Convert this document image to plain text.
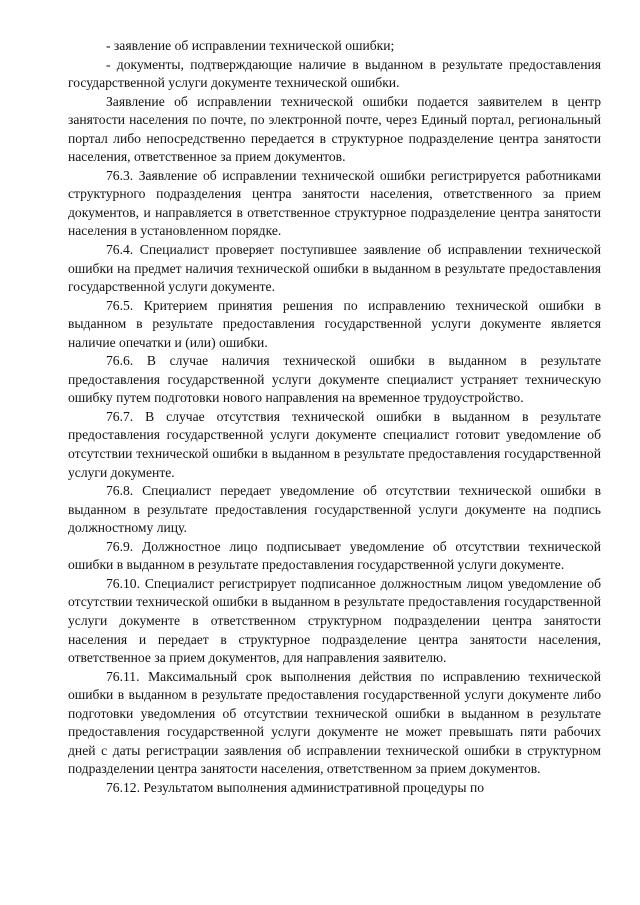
- заявление об исправлении технической ошибки;

- документы, подтверждающие наличие в выданном в результате предоставления государственной услуги документе технической ошибки.

Заявление об исправлении технической ошибки подается заявителем в центр занятости населения по почте, по электронной почте, через Единый портал, региональный портал либо непосредственно передается в структурное подразделение центра занятости населения, ответственное за прием документов.

76.3. Заявление об исправлении технической ошибки регистрируется работниками структурного подразделения центра занятости населения, ответственного за прием документов, и направляется в ответственное структурное подразделение центра занятости населения в установленном порядке.

76.4. Специалист проверяет поступившее заявление об исправлении технической ошибки на предмет наличия технической ошибки в выданном в результате предоставления государственной услуги документе.

76.5. Критерием принятия решения по исправлению технической ошибки в выданном в результате предоставления государственной услуги документе является наличие опечатки и (или) ошибки.

76.6. В случае наличия технической ошибки в выданном в результате предоставления государственной услуги документе специалист устраняет техническую ошибку путем подготовки нового направления на временное трудоустройство.

76.7. В случае отсутствия технической ошибки в выданном в результате предоставления государственной услуги документе специалист готовит уведомление об отсутствии технической ошибки в выданном в результате предоставления государственной услуги документе.

76.8. Специалист передает уведомление об отсутствии технической ошибки в выданном в результате предоставления государственной услуги документе на подпись должностному лицу.

76.9. Должностное лицо подписывает уведомление об отсутствии технической ошибки в выданном в результате предоставления государственной услуги документе.

76.10. Специалист регистрирует подписанное должностным лицом уведомление об отсутствии технической ошибки в выданном в результате предоставления государственной услуги документе в ответственном структурном подразделении центра занятости населения и передает в структурное подразделение центра занятости населения, ответственное за прием документов, для направления заявителю.

76.11. Максимальный срок выполнения действия по исправлению технической ошибки в выданном в результате предоставления государственной услуги документе либо подготовки уведомления об отсутствии технической ошибки в выданном в результате предоставления государственной услуги документе не может превышать пяти рабочих дней с даты регистрации заявления об исправлении технической ошибки в структурном подразделении центра занятости населения, ответственном за прием документов.

76.12. Результатом выполнения административной процедуры по
